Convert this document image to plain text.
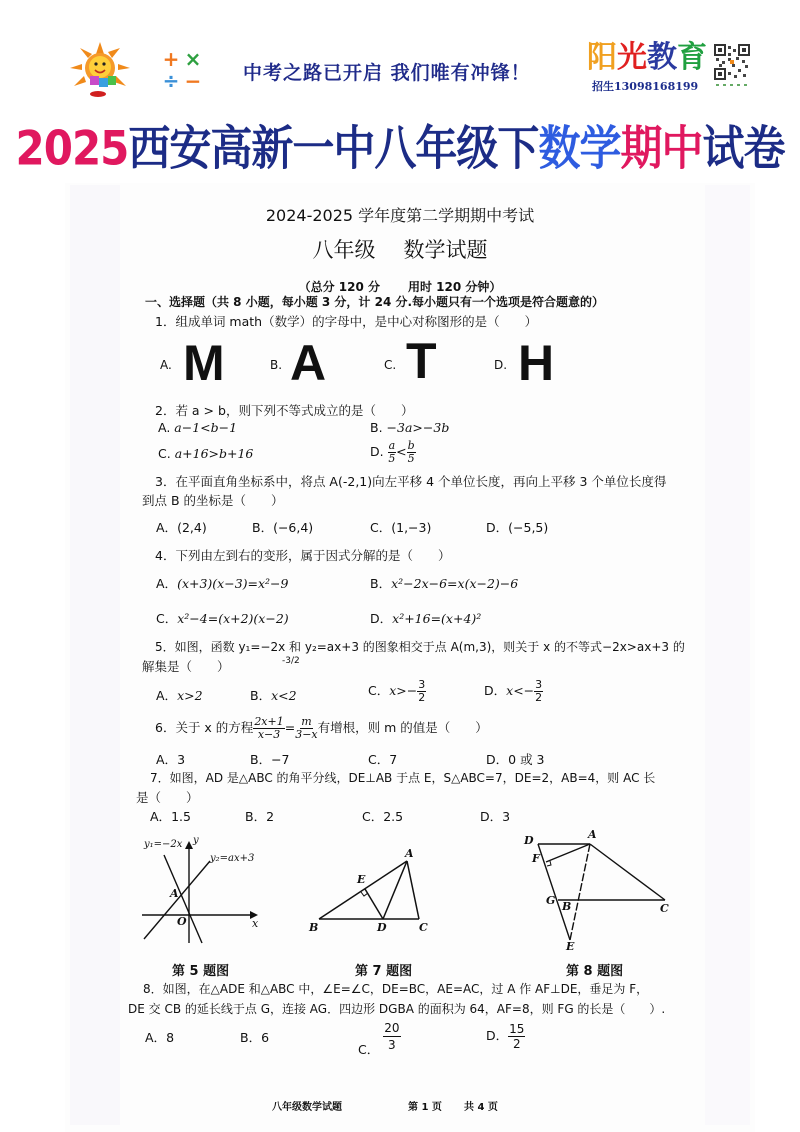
+ ×
÷ −	中考之路已开启 我们唯有冲锋！ 阳光教育
招生13098168199
2025西安高新一中八年级下数学期中试卷
2024-2025 学年度第二学期期中考试
八年级 数学试题
（总分 120 分 用时 120 分钟）
一、选择题（共 8 小题，每小题 3 分，计 24 分.每小题只有一个选项是符合题意的）
1．组成单词 math（数学）的字母中，是中心对称图形的是（　　）
A. M	B. A	C. T	D. H
2．若 a > b，则下列不等式成立的是（　　）
A. a−1<b−1	B. −3a>−3b
C. a+16>b+16	D. $\frac{a}{5} < \frac{b}{5}$
3．在平面直角坐标系中，将点 A(-2,1)向左平移 4 个单位长度，再向上平移 3 个单位长度得
到点 B 的坐标是（　　）
A．(2,4)	B．(−6,4)	C．(1,−3)	D．(−5,5)
4．下列由左到右的变形，属于因式分解的是（　　）
A．(x+3)(x−3)=x²−9	B．x²−2x−6=x(x−2)−6
C．x²−4=(x+2)(x−2)	D．x²+16=(x+4)²
5．如图，函数 y₁=−2x 和 y₂=ax+3 的图象相交于点 A(m,3)，则关于 x 的不等式−2x>ax+3 的
解集是（　　）	-3/2
A．x>2	B．x<2	C．$x>- \frac{3}{2}$	D．$x<- \frac{3}{2}$
6．关于 x 的方程 $\frac{2x+1}{x-3} = \frac{m}{3-x}$ 有增根，则 m 的值是（　　）
A．3	B．−7	C．7	D．0 或 3
7．如图，AD 是△ABC 的角平分线，DE⊥AB 于点 E，S△ABC=7，DE=2，AB=4，则 AC 长
是（　　）
A．1.5	B．2	C．2.5	D．3
y₁=−2x
y₂=ax+3
y
x
A
O
A
B	C
D
E
D	A
F
G B	C
E
第 5 题图	第 7 题图	第 8 题图
8．如图，在△ADE 和△ABC 中，∠E=∠C，DE=BC，AE=AC，过 A 作 AF⊥DE，垂足为 F，
DE 交 CB 的延长线于点 G，连接 AG．四边形 DGBA 的面积为 64，AF=8，则 FG 的长是（　　）.
A．8	B．6
C． $\frac{20}{3}$	D． $\frac{15}{2}$
八年级数学试题	第 1 页 共 4 页
